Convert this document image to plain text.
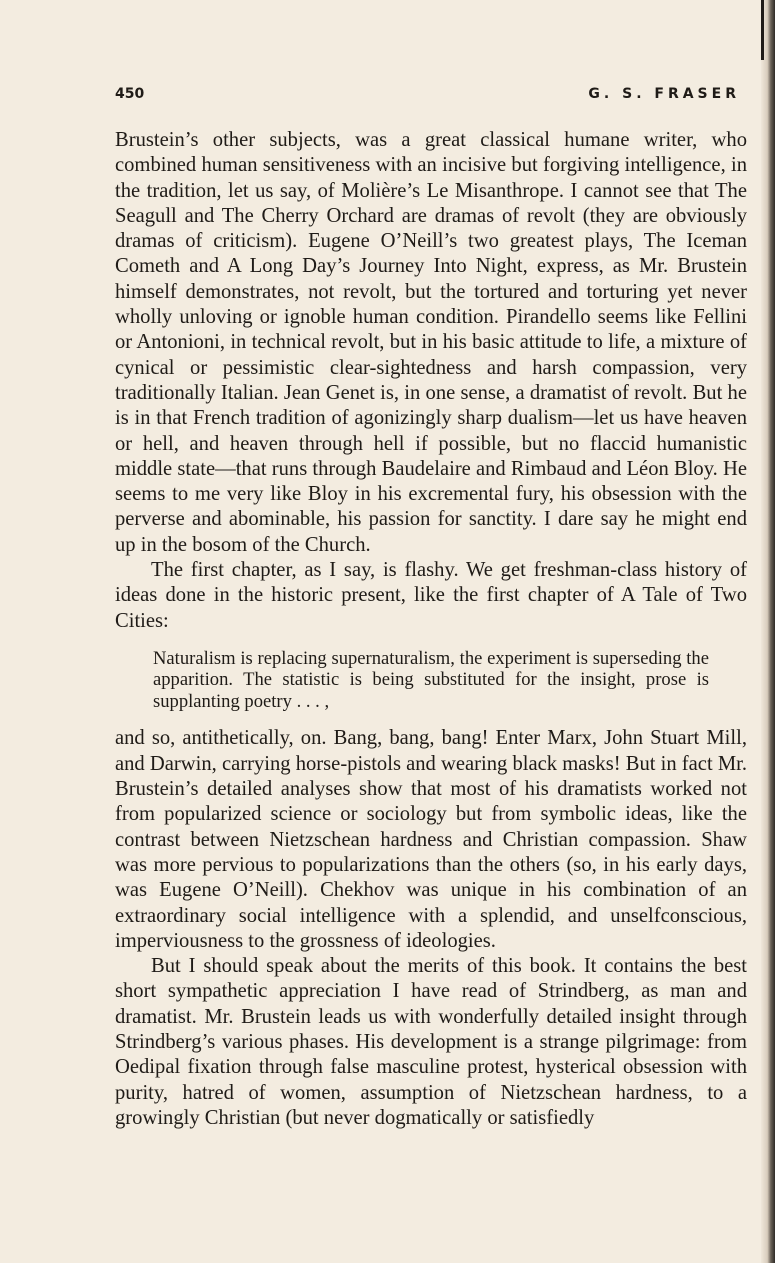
450	G. S. FRASER

Brustein’s other subjects, was a great classical humane writer, who combined human sensitiveness with an incisive but forgiving intelligence, in the tradition, let us say, of Molière’s Le Misanthrope. I cannot see that The Seagull and The Cherry Orchard are dramas of revolt (they are obviously dramas of criticism). Eugene O’Neill’s two greatest plays, The Iceman Cometh and A Long Day’s Journey Into Night, express, as Mr. Brustein himself demonstrates, not revolt, but the tortured and torturing yet never wholly unloving or ignoble human condition. Pirandello seems like Fellini or Antonioni, in technical revolt, but in his basic attitude to life, a mixture of cynical or pessimistic clear-sightedness and harsh compassion, very traditionally Italian. Jean Genet is, in one sense, a dramatist of revolt. But he is in that French tradition of agonizingly sharp dualism—let us have heaven or hell, and heaven through hell if possible, but no flaccid humanistic middle state—that runs through Baudelaire and Rimbaud and Léon Bloy. He seems to me very like Bloy in his excremental fury, his obsession with the perverse and abominable, his passion for sanctity. I dare say he might end up in the bosom of the Church.

The first chapter, as I say, is flashy. We get freshman-class history of ideas done in the historic present, like the first chapter of A Tale of Two Cities:

Naturalism is replacing supernaturalism, the experiment is superseding the apparition. The statistic is being substituted for the insight, prose is supplanting poetry . . . ,

and so, antithetically, on. Bang, bang, bang! Enter Marx, John Stuart Mill, and Darwin, carrying horse-pistols and wearing black masks! But in fact Mr. Brustein’s detailed analyses show that most of his dramatists worked not from popularized science or sociology but from symbolic ideas, like the contrast between Nietzschean hardness and Christian compassion. Shaw was more pervious to popularizations than the others (so, in his early days, was Eugene O’Neill). Chekhov was unique in his combination of an extraordinary social intelligence with a splendid, and unselfconscious, imperviousness to the grossness of ideologies.

But I should speak about the merits of this book. It contains the best short sympathetic appreciation I have read of Strindberg, as man and dramatist. Mr. Brustein leads us with wonderfully detailed insight through Strindberg’s various phases. His development is a strange pilgrimage: from Oedipal fixation through false masculine protest, hysterical obsession with purity, hatred of women, assumption of Nietzschean hardness, to a growingly Christian (but never dogmatically or satisfiedly
